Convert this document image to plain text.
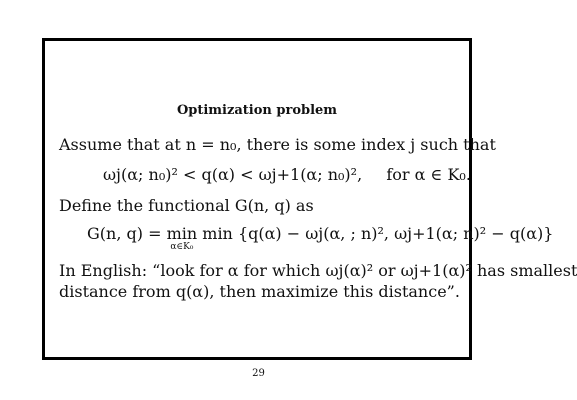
Optimization problem
Assume that at n = n₀, there is some index j such that
ωj(α; n₀)² < q(α) < ωj+1(α; n₀)², for α ∈ K₀.
Define the functional G(n, q) as
G(n, q) = min
α∈K₀
min {q(α) − ωj(α, ; n)², ωj+1(α; n)² − q(α)}
In English: “look for α for which ωj(α)² or ωj+1(α)² has smallest
distance from q(α), then maximize this distance”.
29
